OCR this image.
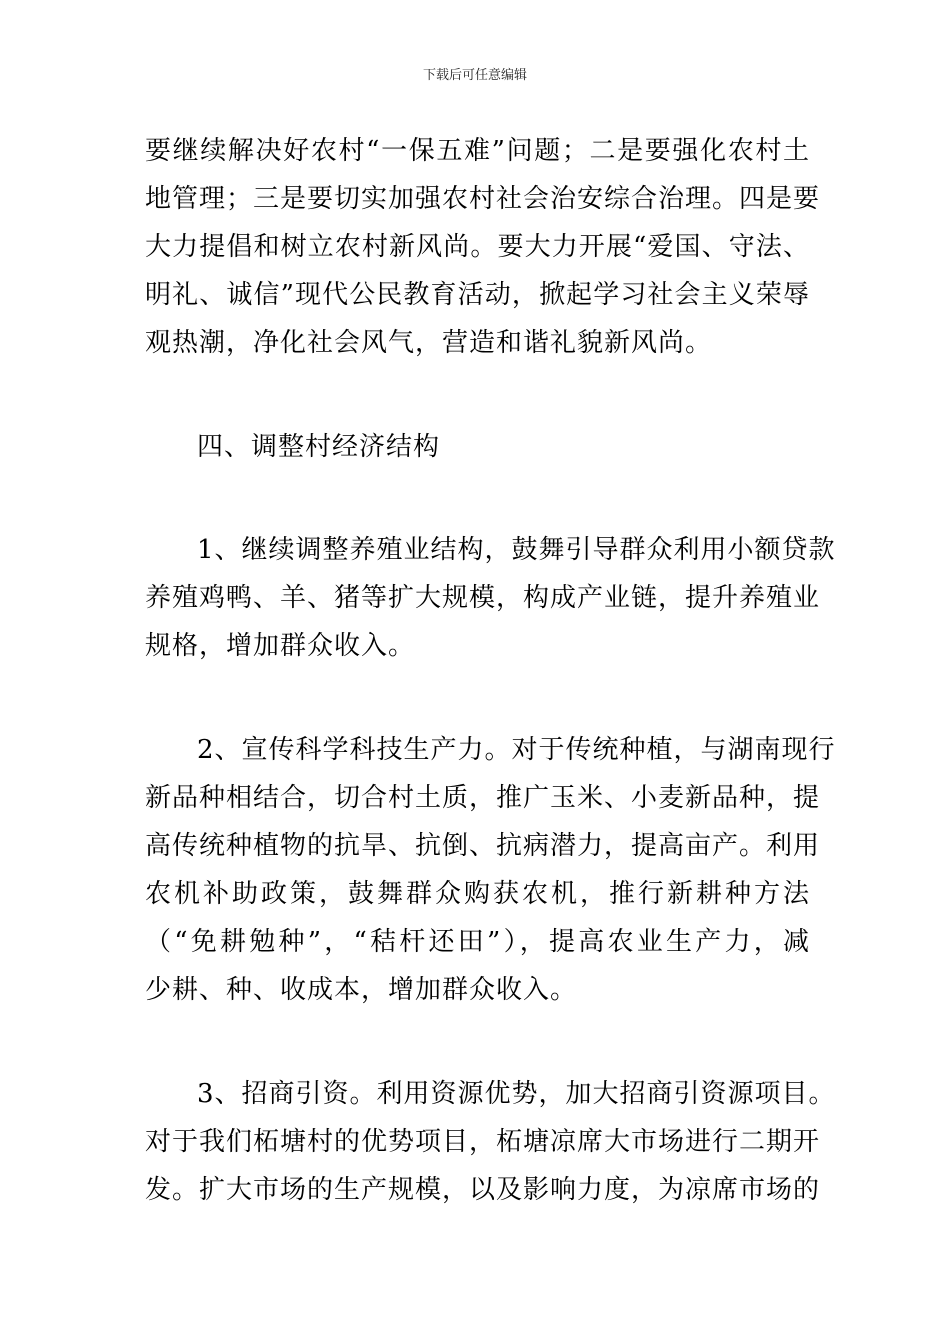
下载后可任意编辑
要继续解决好农村“一保五难”问题；二是要强化农村土
地管理；三是要切实加强农村社会治安综合治理。四是要
大力提倡和树立农村新风尚。要大力开展“爱国、守法、
明礼、诚信”现代公民教育活动，掀起学习社会主义荣辱
观热潮，净化社会风气，营造和谐礼貌新风尚。
四、调整村经济结构
1、继续调整养殖业结构，鼓舞引导群众利用小额贷款
养殖鸡鸭、羊、猪等扩大规模，构成产业链，提升养殖业
规格，增加群众收入。
2、宣传科学科技生产力。对于传统种植，与湖南现行
新品种相结合，切合村土质，推广玉米、小麦新品种，提
高传统种植物的抗旱、抗倒、抗病潜力，提高亩产。利用
农机补助政策，鼓舞群众购获农机，推行新耕种方法
（“免耕勉种”，“秸杆还田”），提高农业生产力，减
少耕、种、收成本，增加群众收入。
3、招商引资。利用资源优势，加大招商引资源项目。
对于我们柘塘村的优势项目，柘塘凉席大市场进行二期开
发。扩大市场的生产规模，以及影响力度，为凉席市场的
